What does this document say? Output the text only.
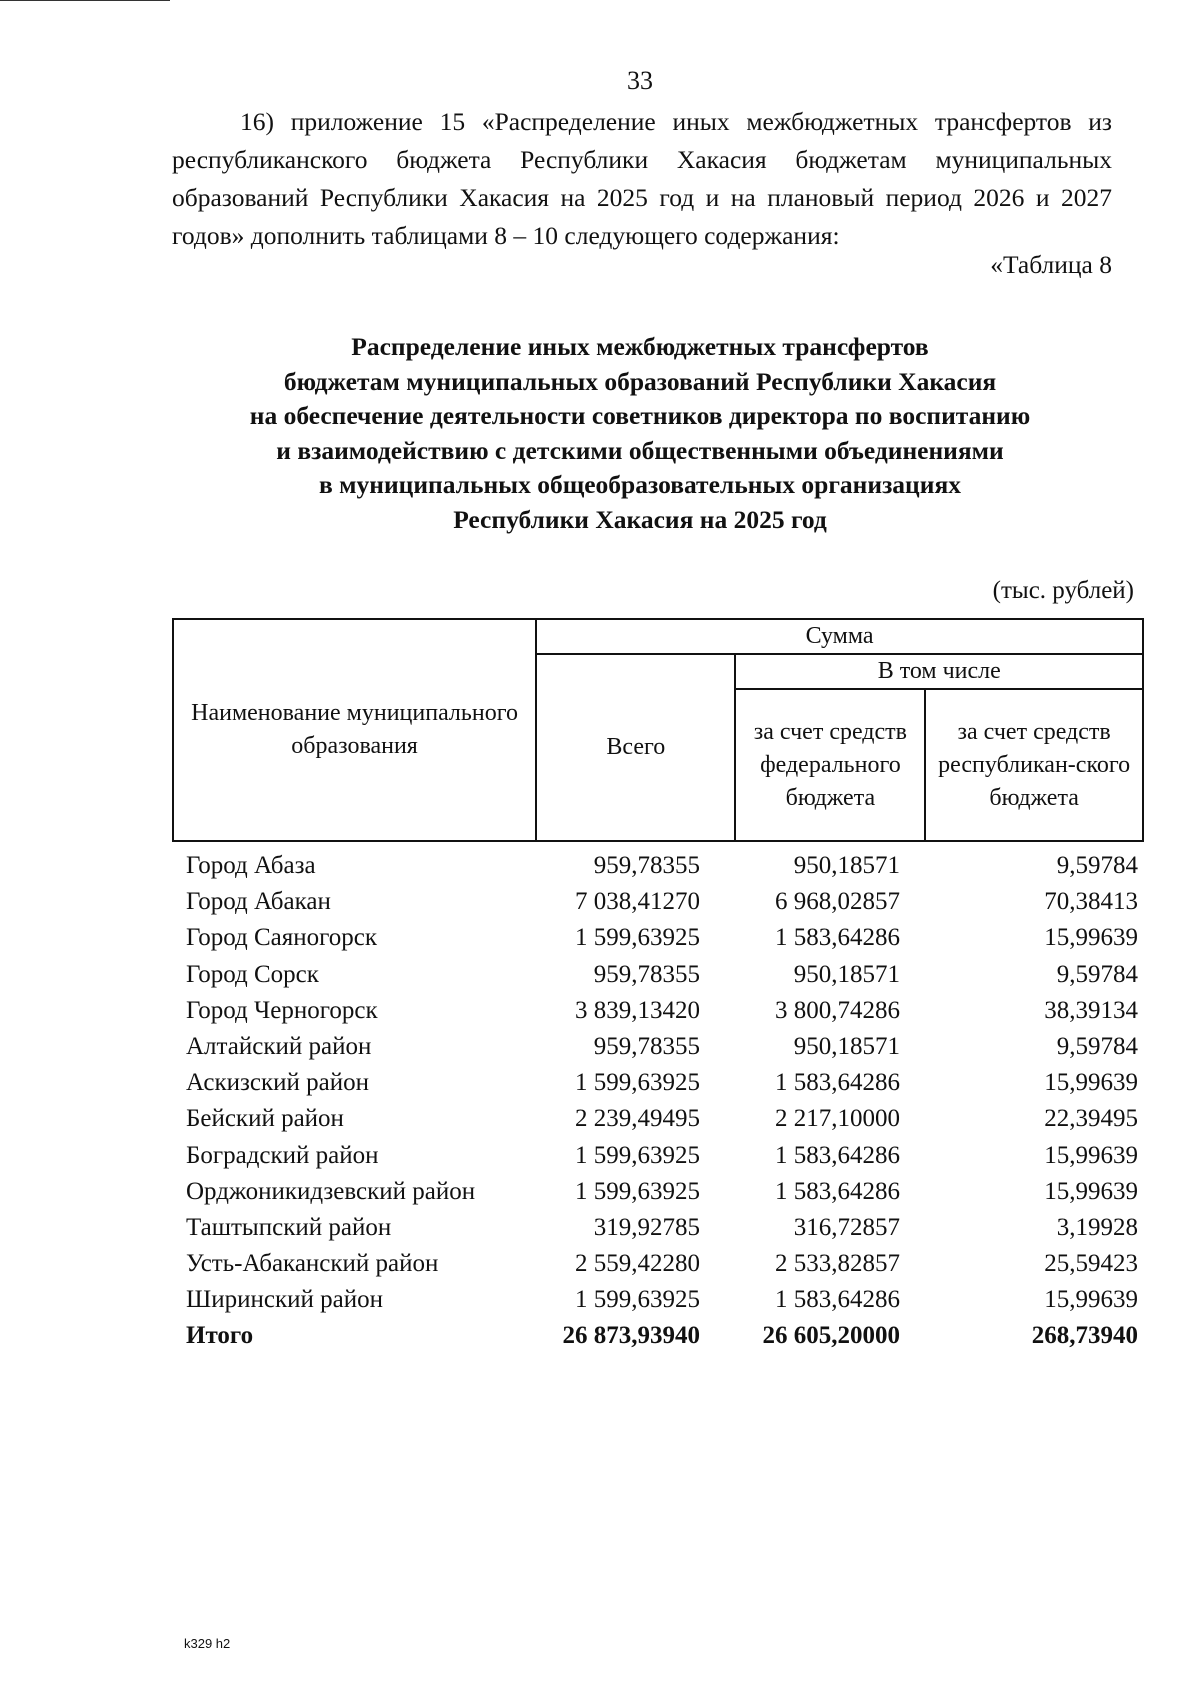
33

16) приложение 15 «Распределение иных межбюджетных трансфертов из республиканского бюджета Республики Хакасия бюджетам муниципальных образований Республики Хакасия на 2025 год и на плановый период 2026 и 2027 годов» дополнить таблицами 8 – 10 следующего содержания:

«Таблица 8
Распределение иных межбюджетных трансфертов
бюджетам муниципальных образований Республики Хакасия
на обеспечение деятельности советников директора по воспитанию
и взаимодействию с детскими общественными объединениями
в муниципальных общеобразовательных организациях
Республики Хакасия на 2025 год
(тыс. рублей)
Наименование муниципального образования	Сумма		
	Всего	В том числе	
		за счет средств федерального бюджета	за счет средств республикан-ского бюджета
Город Абаза	959,78355	950,18571	9,59784
Город Абакан	7 038,41270	6 968,02857	70,38413
Город Саяногорск	1 599,63925	1 583,64286	15,99639
Город Сорск	959,78355	950,18571	9,59784
Город Черногорск	3 839,13420	3 800,74286	38,39134
Алтайский район	959,78355	950,18571	9,59784
Аскизский район	1 599,63925	1 583,64286	15,99639
Бейский район	2 239,49495	2 217,10000	22,39495
Боградский район	1 599,63925	1 583,64286	15,99639
Орджоникидзевский район	1 599,63925	1 583,64286	15,99639
Таштыпский район	319,92785	316,72857	3,19928
Усть-Абаканский район	2 559,42280	2 533,82857	25,59423
Ширинский район	1 599,63925	1 583,64286	15,99639
Итого	26 873,93940	26 605,20000	268,73940
k329 h2
